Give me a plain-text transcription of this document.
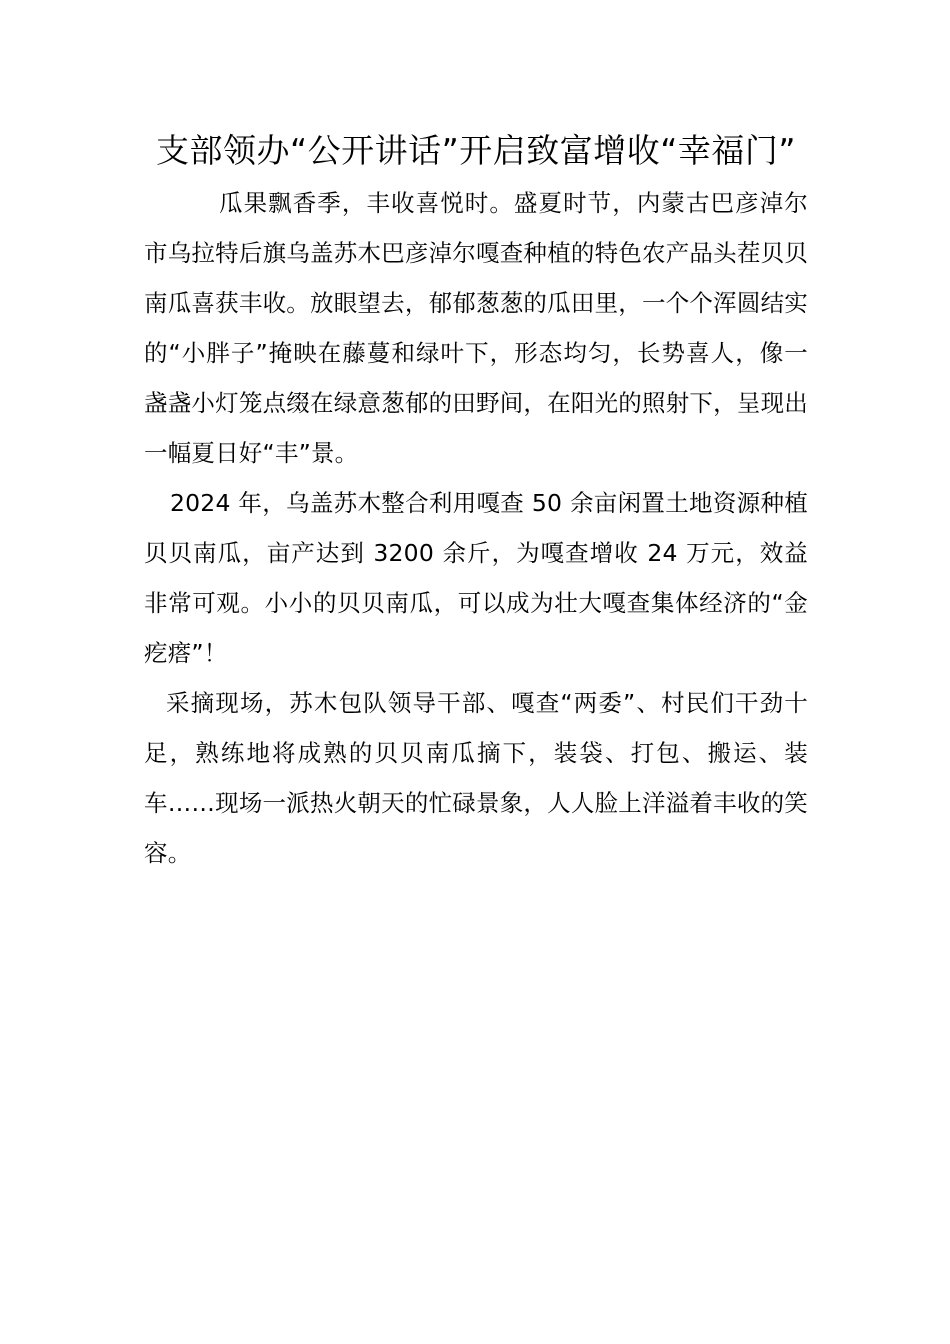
支部领办“公开讲话”开启致富增收“幸福门”

瓜果飘香季，丰收喜悦时。盛夏时节，内蒙古巴彦淖尔市乌拉特后旗乌盖苏木巴彦淖尔嘎查种植的特色农产品头茬贝贝南瓜喜获丰收。放眼望去，郁郁葱葱的瓜田里，一个个浑圆结实的“小胖子”掩映在藤蔓和绿叶下，形态均匀，长势喜人，像一盏盏小灯笼点缀在绿意葱郁的田野间，在阳光的照射下，呈现出一幅夏日好“丰”景。

2024 年，乌盖苏木整合利用嘎查 50 余亩闲置土地资源种植贝贝南瓜，亩产达到 3200 余斤，为嘎查增收 24 万元，效益非常可观。小小的贝贝南瓜，可以成为壮大嘎查集体经济的“金疙瘩”！

采摘现场，苏木包队领导干部、嘎查“两委”、村民们干劲十足，熟练地将成熟的贝贝南瓜摘下，装袋、打包、搬运、装车……现场一派热火朝天的忙碌景象，人人脸上洋溢着丰收的笑容。
